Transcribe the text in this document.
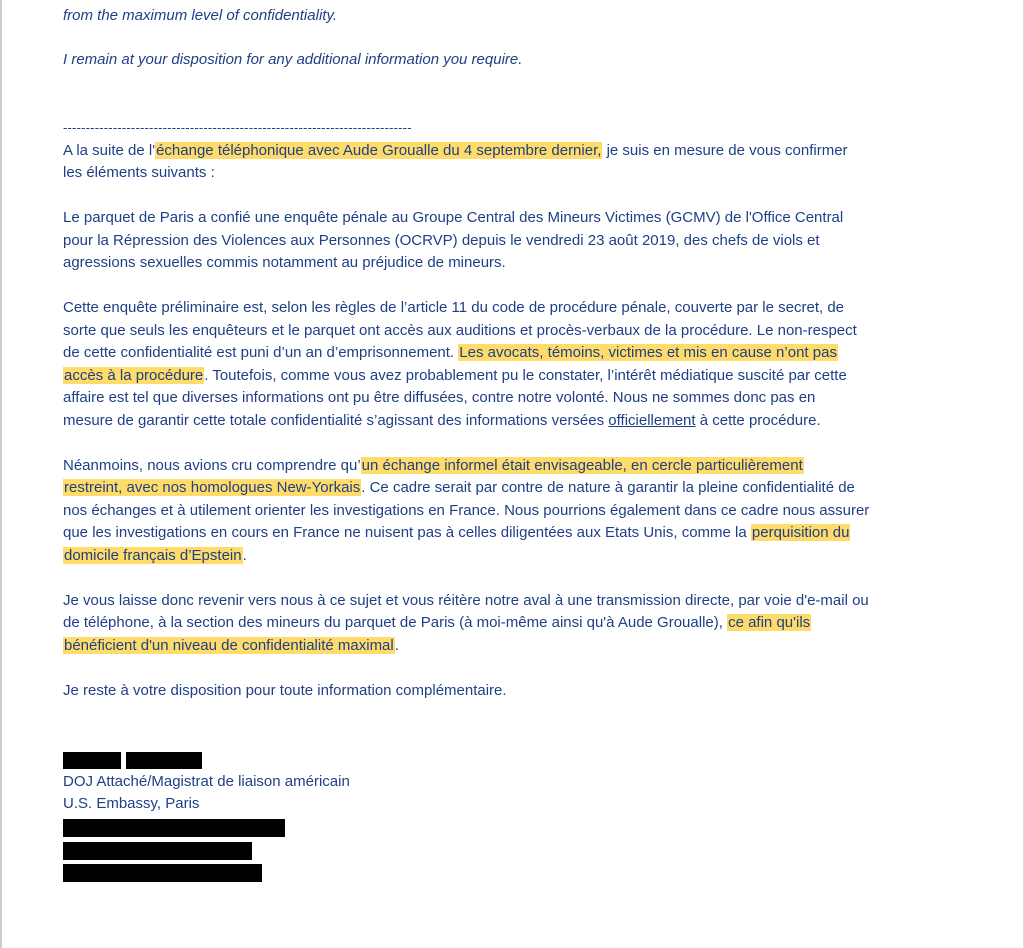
from the maximum level of confidentiality.
I remain at your disposition for any additional information you require.
-----------------------------------------------------------------------------
A la suite de l'échange téléphonique avec Aude Groualle du 4 septembre dernier, je suis en mesure de vous confirmer
les éléments suivants :
Le parquet de Paris a confié une enquête pénale au Groupe Central des Mineurs Victimes (GCMV) de l'Office Central
pour la Répression des Violences aux Personnes (OCRVP) depuis le vendredi 23 août 2019, des chefs de viols et
agressions sexuelles commis notamment au préjudice de mineurs.
Cette enquête préliminaire est, selon les règles de l’article 11 du code de procédure pénale, couverte par le secret, de
sorte que seuls les enquêteurs et le parquet ont accès aux auditions et procès-verbaux de la procédure. Le non-respect
de cette confidentialité est puni d’un an d’emprisonnement. Les avocats, témoins, victimes et mis en cause n’ont pas
accès à la procédure. Toutefois, comme vous avez probablement pu le constater, l’intérêt médiatique suscité par cette
affaire est tel que diverses informations ont pu être diffusées, contre notre volonté. Nous ne sommes donc pas en
mesure de garantir cette totale confidentialité s’agissant des informations versées officiellement à cette procédure.
Néanmoins, nous avions cru comprendre qu’un échange informel était envisageable, en cercle particulièrement
restreint, avec nos homologues New-Yorkais. Ce cadre serait par contre de nature à garantir la pleine confidentialité de
nos échanges et à utilement orienter les investigations en France. Nous pourrions également dans ce cadre nous assurer
que les investigations en cours en France ne nuisent pas à celles diligentées aux Etats Unis, comme la perquisition du
domicile français d’Epstein.
Je vous laisse donc revenir vers nous à ce sujet et vous réitère notre aval à une transmission directe, par voie d'e-mail ou
de téléphone, à la section des mineurs du parquet de Paris (à moi-même ainsi qu'à Aude Groualle), ce afin qu'ils
bénéficient d'un niveau de confidentialité maximal.
Je reste à votre disposition pour toute information complémentaire.
DOJ Attaché/Magistrat de liaison américain
U.S. Embassy, Paris
